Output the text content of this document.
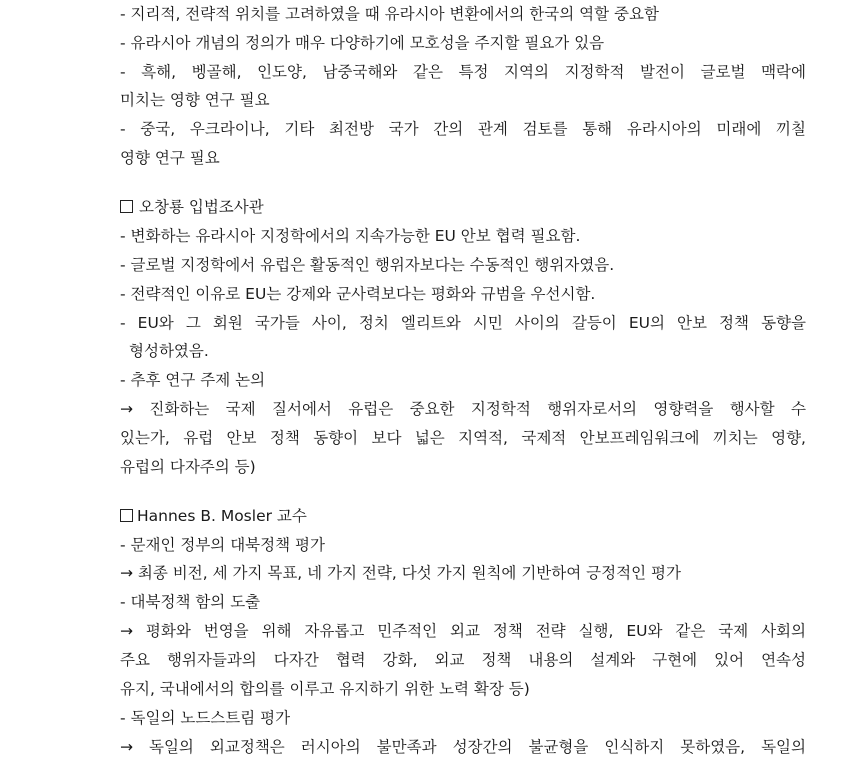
- 지리적, 전략적 위치를 고려하였을 때 유라시아 변환에서의 한국의 역할 중요함
- 유라시아 개념의 정의가 매우 다양하기에 모호성을 주지할 필요가 있음
- 흑해, 벵골해, 인도양, 남중국해와 같은 특정 지역의 지정학적 발전이 글로벌 맥락에
미치는 영향 연구 필요
- 중국, 우크라이나, 기타 최전방 국가 간의 관계 검토를 통해 유라시아의 미래에 끼칠
영향 연구 필요
오창룡 입법조사관
- 변화하는 유라시아 지정학에서의 지속가능한 EU 안보 협력 필요함.
- 글로벌 지정학에서 유럽은 활동적인 행위자보다는 수동적인 행위자였음.
- 전략적인 이유로 EU는 강제와 군사력보다는 평화와 규범을 우선시함.
- EU와 그 회원 국가들 사이, 정치 엘리트와 시민 사이의 갈등이 EU의 안보 정책 동향을
형성하였음.
- 추후 연구 주제 논의
→ 진화하는 국제 질서에서 유럽은 중요한 지정학적 행위자로서의 영향력을 행사할 수
있는가, 유럽 안보 정책 동향이 보다 넓은 지역적, 국제적 안보프레임워크에 끼치는 영향,
유럽의 다자주의 등)
Hannes B. Mosler 교수
- 문재인 정부의 대북정책 평가
→ 최종 비전, 세 가지 목표, 네 가지 전략, 다섯 가지 원칙에 기반하여 긍정적인 평가
- 대북정책 함의 도출
→ 평화와 번영을 위해 자유롭고 민주적인 외교 정책 전략 실행, EU와 같은 국제 사회의
주요 행위자들과의 다자간 협력 강화, 외교 정책 내용의 설계와 구현에 있어 연속성
유지, 국내에서의 합의를 이루고 유지하기 위한 노력 확장 등)
- 독일의 노드스트림 평가
→ 독일의 외교정책은 러시아의 불만족과 성장간의 불균형을 인식하지 못하였음, 독일의
